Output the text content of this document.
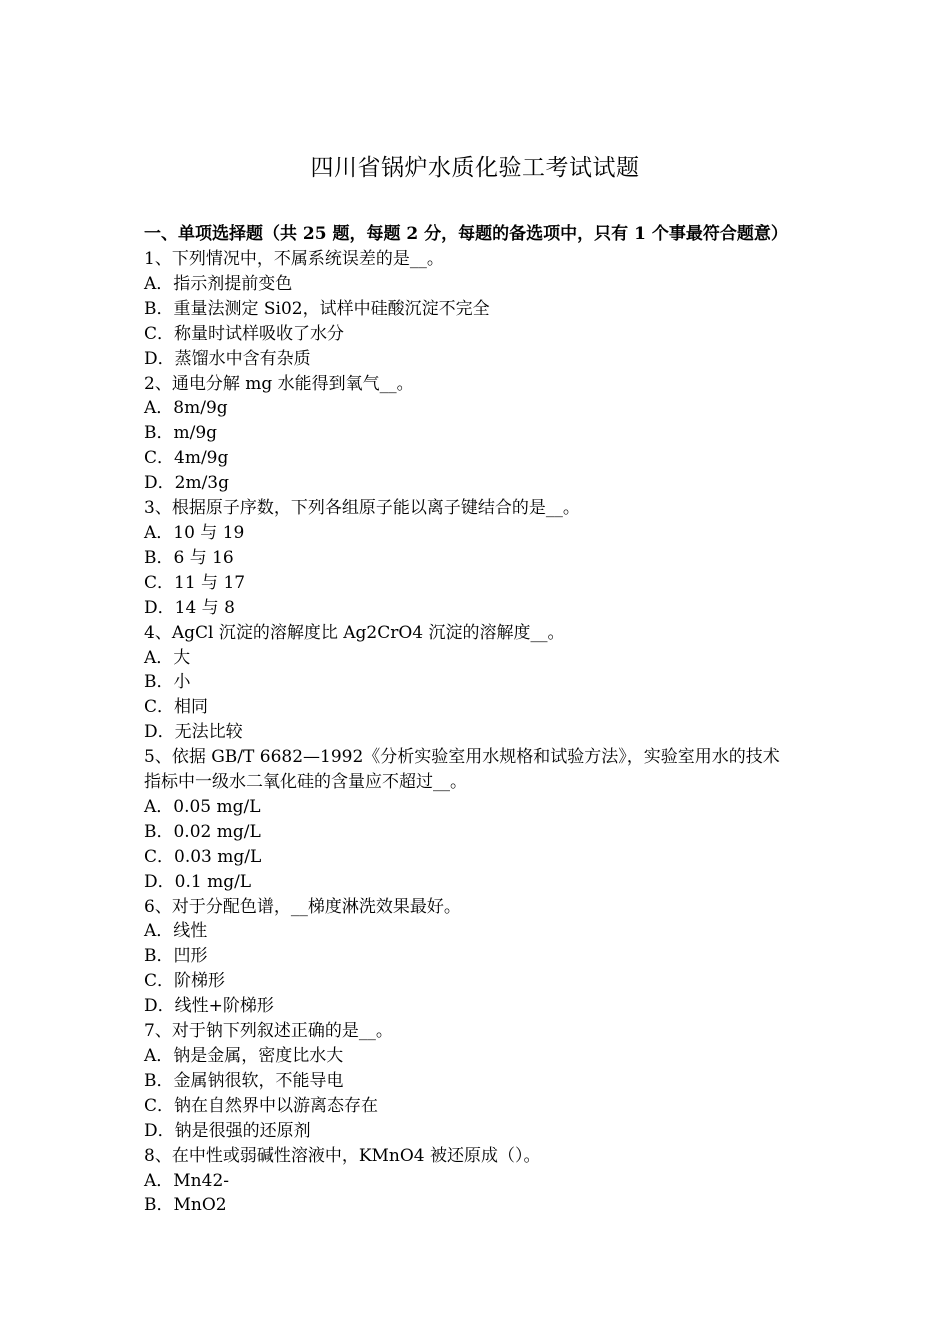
四川省锅炉水质化验工考试试题
一、单项选择题（共 25 题，每题 2 分，每题的备选项中，只有 1 个事最符合题意）
1、下列情况中，不属系统误差的是__。
A．指示剂提前变色
B．重量法测定 Si02，试样中硅酸沉淀不完全
C．称量时试样吸收了水分
D．蒸馏水中含有杂质
2、通电分解 mg 水能得到氧气__。
A．8m/9g
B．m/9g
C．4m/9g
D．2m/3g
3、根据原子序数，下列各组原子能以离子键结合的是__。
A．10 与 19
B．6 与 16
C．11 与 17
D．14 与 8
4、AgCl 沉淀的溶解度比 Ag2CrO4 沉淀的溶解度__。
A．大
B．小
C．相同
D．无法比较
5、依据 GB/T 6682—1992《分析实验室用水规格和试验方法》，实验室用水的技术
指标中一级水二氧化硅的含量应不超过__。
A．0.05 mg/L
B．0.02 mg/L
C．0.03 mg/L
D．0.1 mg/L
6、对于分配色谱，__梯度淋洗效果最好。
A．线性
B．凹形
C．阶梯形
D．线性+阶梯形
7、对于钠下列叙述正确的是__。
A．钠是金属，密度比水大
B．金属钠很软，不能导电
C．钠在自然界中以游离态存在
D．钠是很强的还原剂
8、在中性或弱碱性溶液中，KMnO4 被还原成（）。
A．Mn42-
B．MnO2
